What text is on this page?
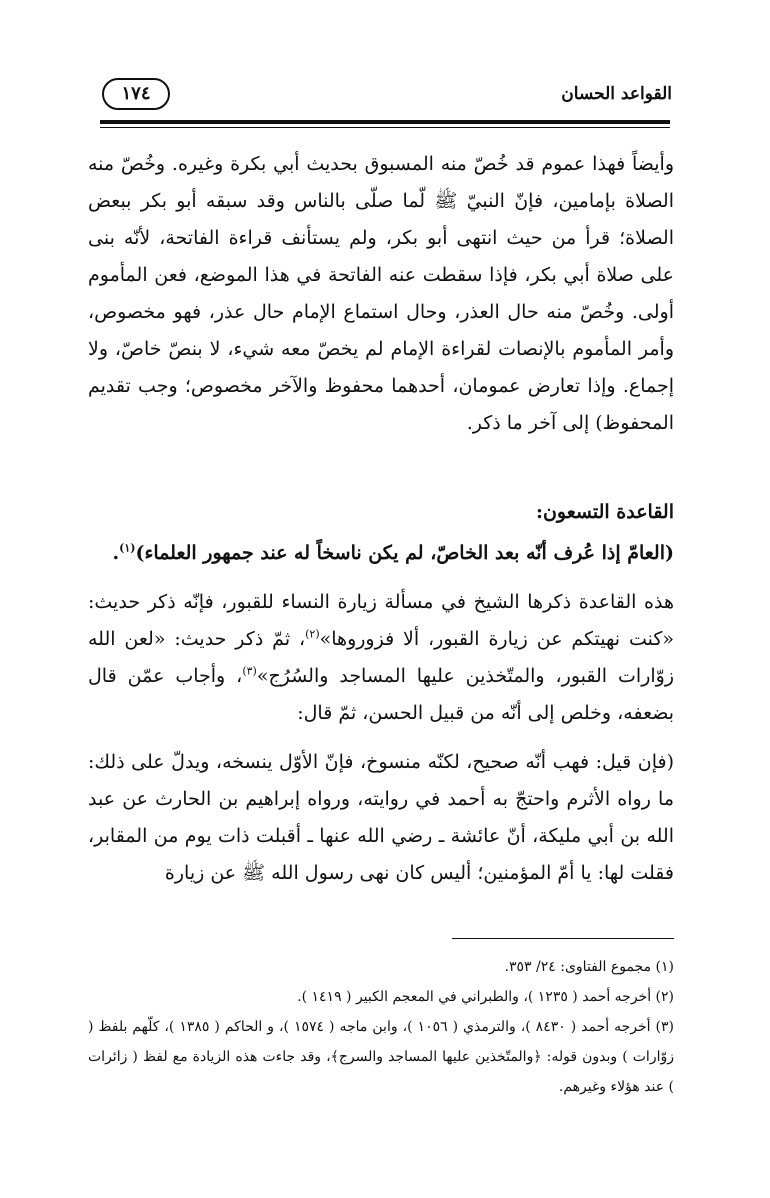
القواعد الحسان
١٧٤

وأيضاً فهذا عموم قد خُصّ منه المسبوق بحديث أبي بكرة وغيره. وخُصّ منه الصلاة بإمامين، فإنّ النبيّ ﷺ لّما صلّى بالناس وقد سبقه أبو بكر ببعض الصلاة؛ قرأ من حيث انتهى أبو بكر، ولم يستأنف قراءة الفاتحة، لأنّه بنى على صلاة أبي بكر، فإذا سقطت عنه الفاتحة في هذا الموضع، فعن المأموم أولى. وخُصّ منه حال العذر، وحال استماع الإمام حال عذر، فهو مخصوص، وأمر المأموم بالإنصات لقراءة الإمام لم يخصّ معه شيء، لا بنصّ خاصّ، ولا إجماع. وإذا تعارض عمومان، أحدهما محفوظ والآخر مخصوص؛ وجب تقديم المحفوظ) إلى آخر ما ذكر.

القاعدة التسعون:
(العامّ إذا عُرف أنّه بعد الخاصّ، لم يكن ناسخاً له عند جمهور العلماء)$^{(١)}$.

هذه القاعدة ذكرها الشيخ في مسألة زيارة النساء للقبور، فإنّه ذكر حديث: «كنت نهيتكم عن زيارة القبور، ألا فزوروها»$^{(٢)}$، ثمّ ذكر حديث: «لعن الله زوّارات القبور، والمتّخذين عليها المساجد والسُرُج»$^{(٣)}$، وأجاب عمّن قال بضعفه، وخلص إلى أنّه من قبيل الحسن، ثمّ قال:

(فإن قيل: فهب أنّه صحيح، لكنّه منسوخ، فإنّ الأوّل ينسخه، ويدلّ على ذلك: ما رواه الأثرم واحتجّ به أحمد في روايته، ورواه إبراهيم بن الحارث عن عبد الله بن أبي مليكة، أنّ عائشة ـ رضي الله عنها ـ أقبلت ذات يوم من المقابر، فقلت لها: يا أمّ المؤمنين؛ أليس كان نهى رسول الله ﷺ عن زيارة

(١) مجموع الفتاوى: ٢٤/ ٣٥٣.

(٢) أخرجه أحمد ( ١٢٣٥ )، والطبراني في المعجم الكبير ( ١٤١٩ ).

(٣) أخرجه أحمد ( ٨٤٣٠ )، والترمذي ( ١٠٥٦ )، وابن ماجه ( ١٥٧٤ )، و الحاكم ( ١٣٨٥ )، كلّهم بلفظ ( زوّارات ) وبدون قوله: ﴿والمتّخذين عليها المساجد والسرج﴾، وقد جاءت هذه الزيادة مع لفظ ( زائرات ) عند هؤلاء وغيرهم.
